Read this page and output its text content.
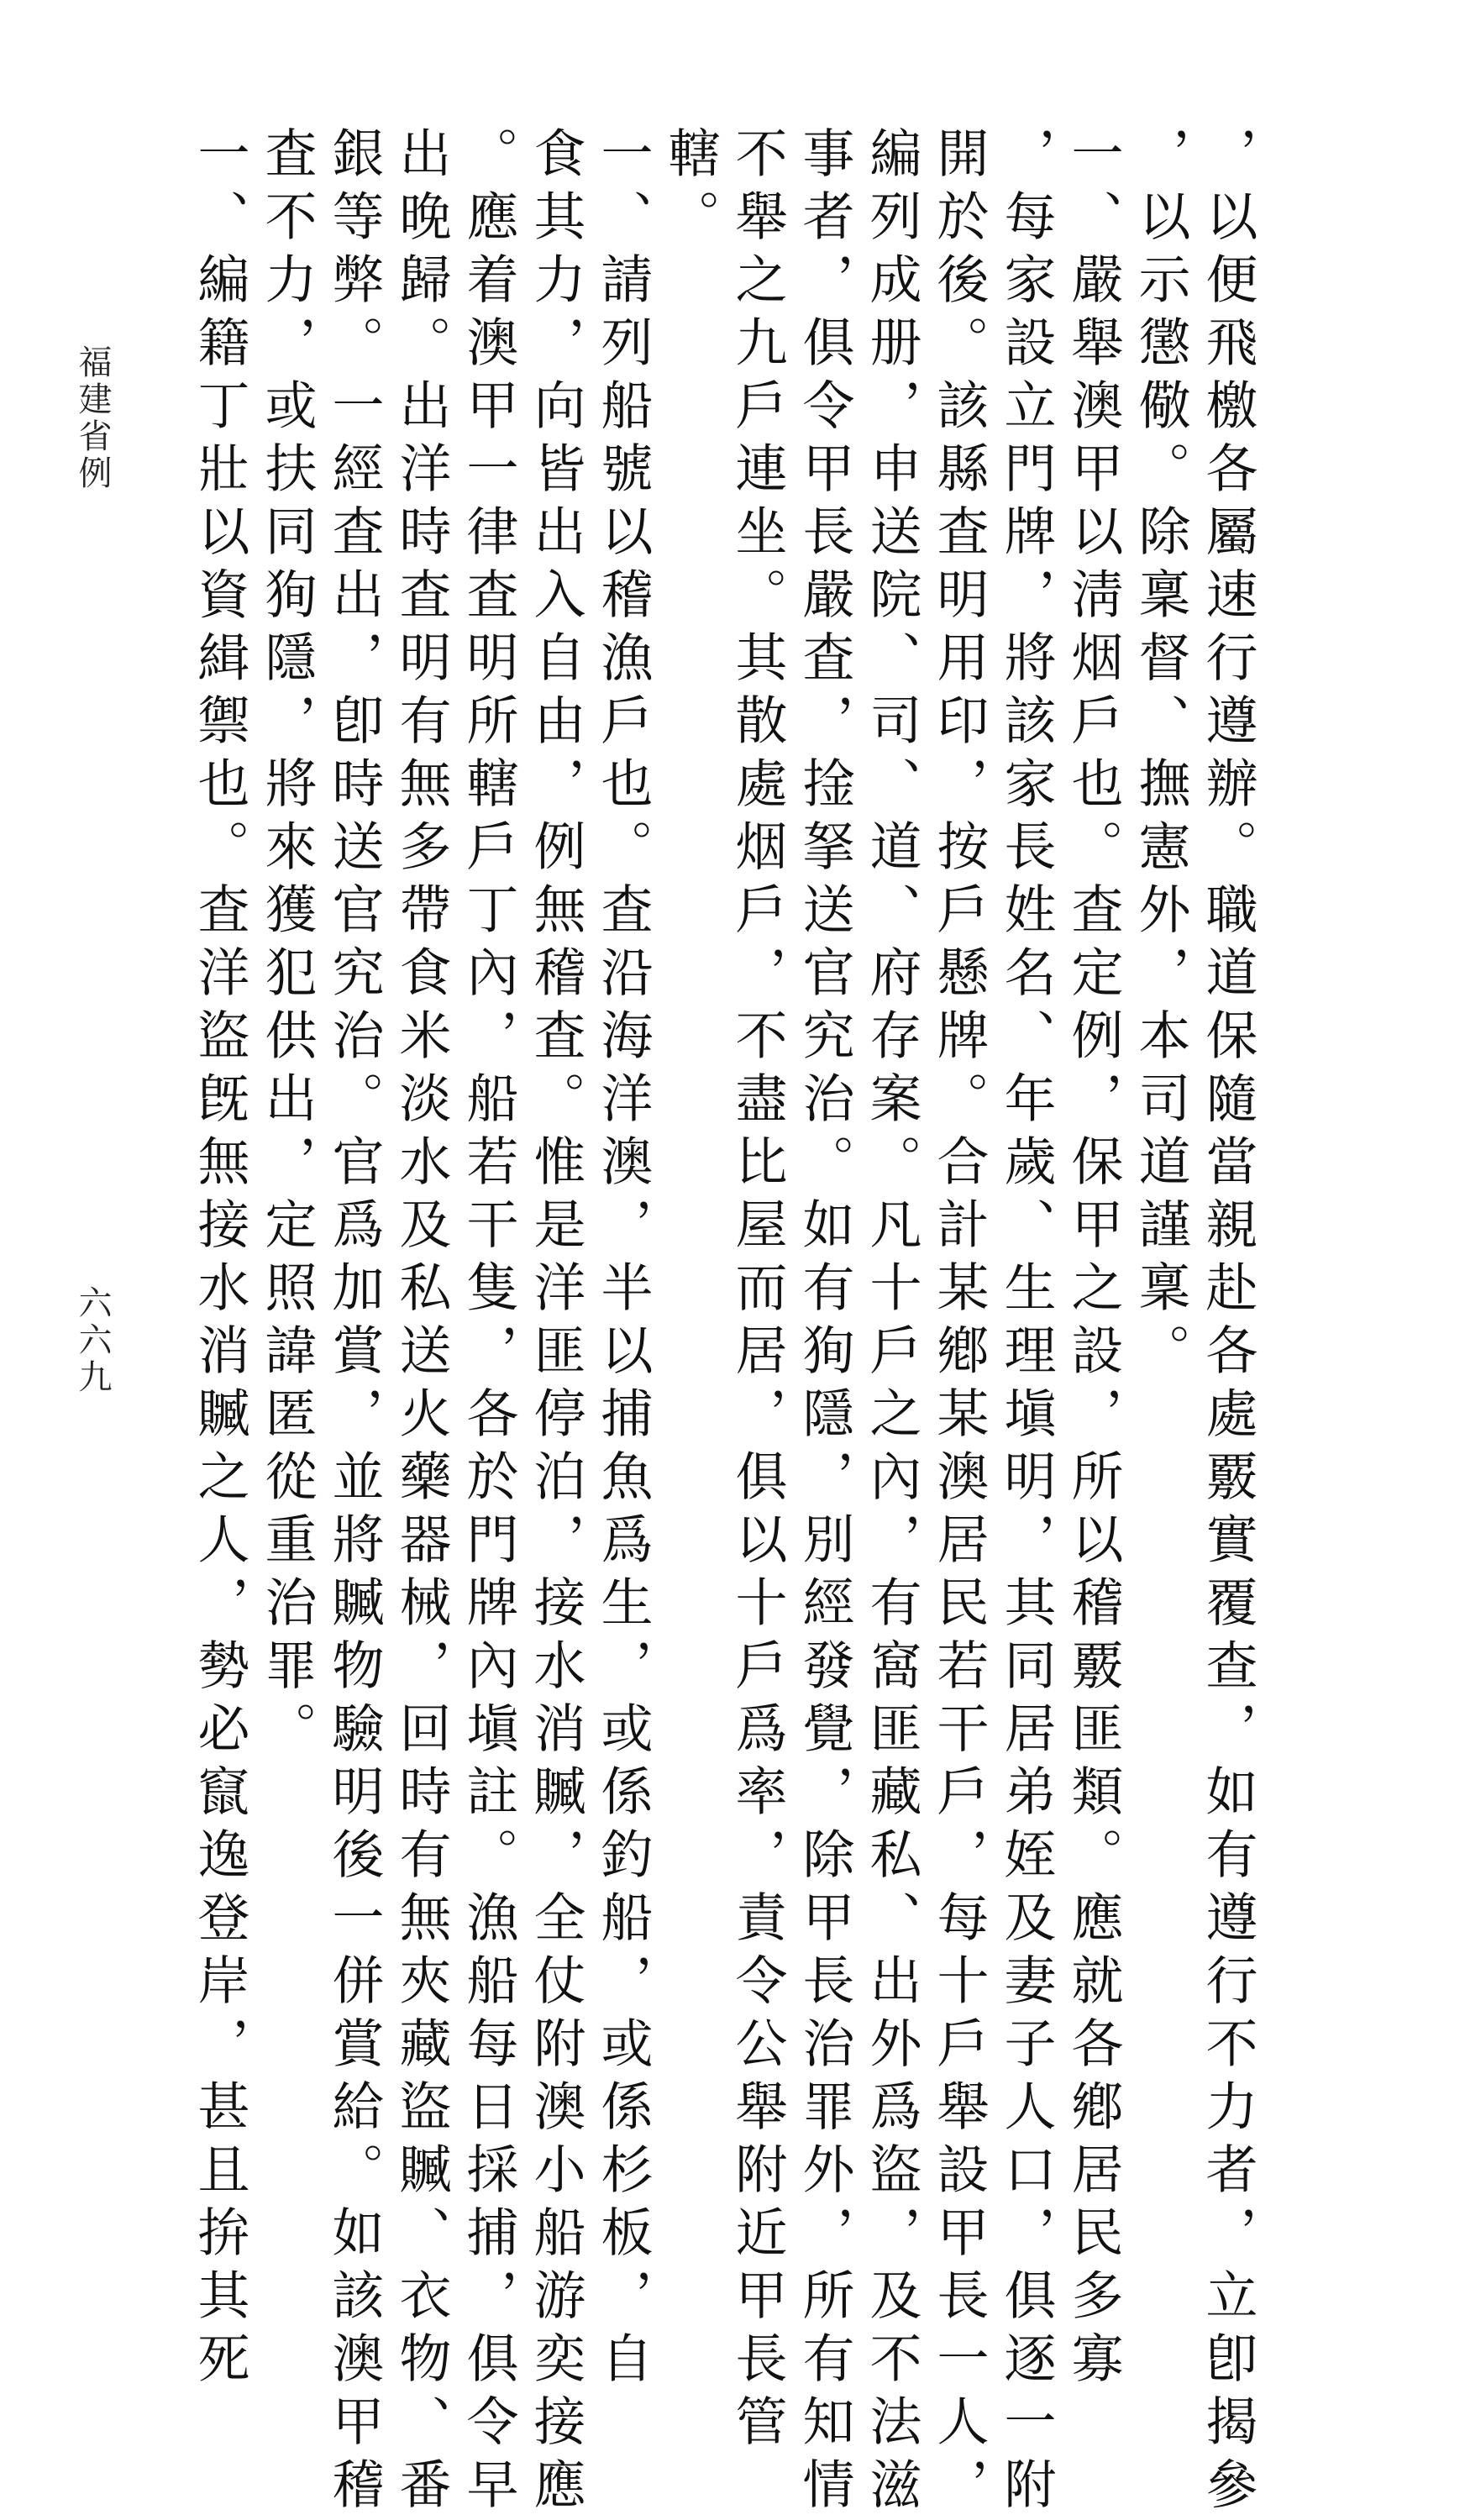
福建省例
六六九	，以便飛檄各屬速行遵辦。職道保隨當親赴各處覈實覆查，如有遵行不力者，立卽揭參
，以示懲儆。除稟督、撫憲外，本司道謹稟。
一、嚴舉澳甲以淸烟戶也。査定例，保甲之設，所以稽覈匪類。應就各鄕居民多寡
，每家設立門牌，將該家長姓名、年歲、生理塡明，其同居弟姪及妻子人口，俱逐一附
開於後。該縣査明用印，按戶懸牌。合計某鄕某澳居民若干戶，每十戶舉設甲長一人，
編列成册，申送院、司、道、府存案。凡十戶之內，有窩匪藏私、出外爲盜，及不法滋
事者，俱令甲長嚴査，捦拏送官究治。如有狥隱，別經發覺，除甲長治罪外，所有知情
不舉之九戶連坐。其散處烟戶，不盡比屋而居，俱以十戶爲率，責令公舉附近甲長管
轄。
一、請列船號以稽漁戶也。査沿海洋澳，半以捕魚爲生，或係釣船，或係杉板，自
食其力，向皆出入自由，例無稽査。惟是洋匪停泊，接水消贓，全仗附澳小船游奕接應
。應着澳甲一律査明所轄戶丁內，船若干隻，各於門牌內塡註。漁船每日採捕，俱令早
出晚歸。出洋時査明有無多帶食米淡水及私送火藥器械，回時有無夾藏盜贓、衣物、番
銀等弊。一經査出，卽時送官究治。官爲加賞，並將贓物驗明後一併賞給。如該澳甲稽
査不力，或扶同狥隱，將來獲犯供出，定照諱匿從重治罪。
一、編籍丁壯以資緝禦也。査洋盜旣無接水消贓之人，勢必竄逸登岸，甚且拚其死
